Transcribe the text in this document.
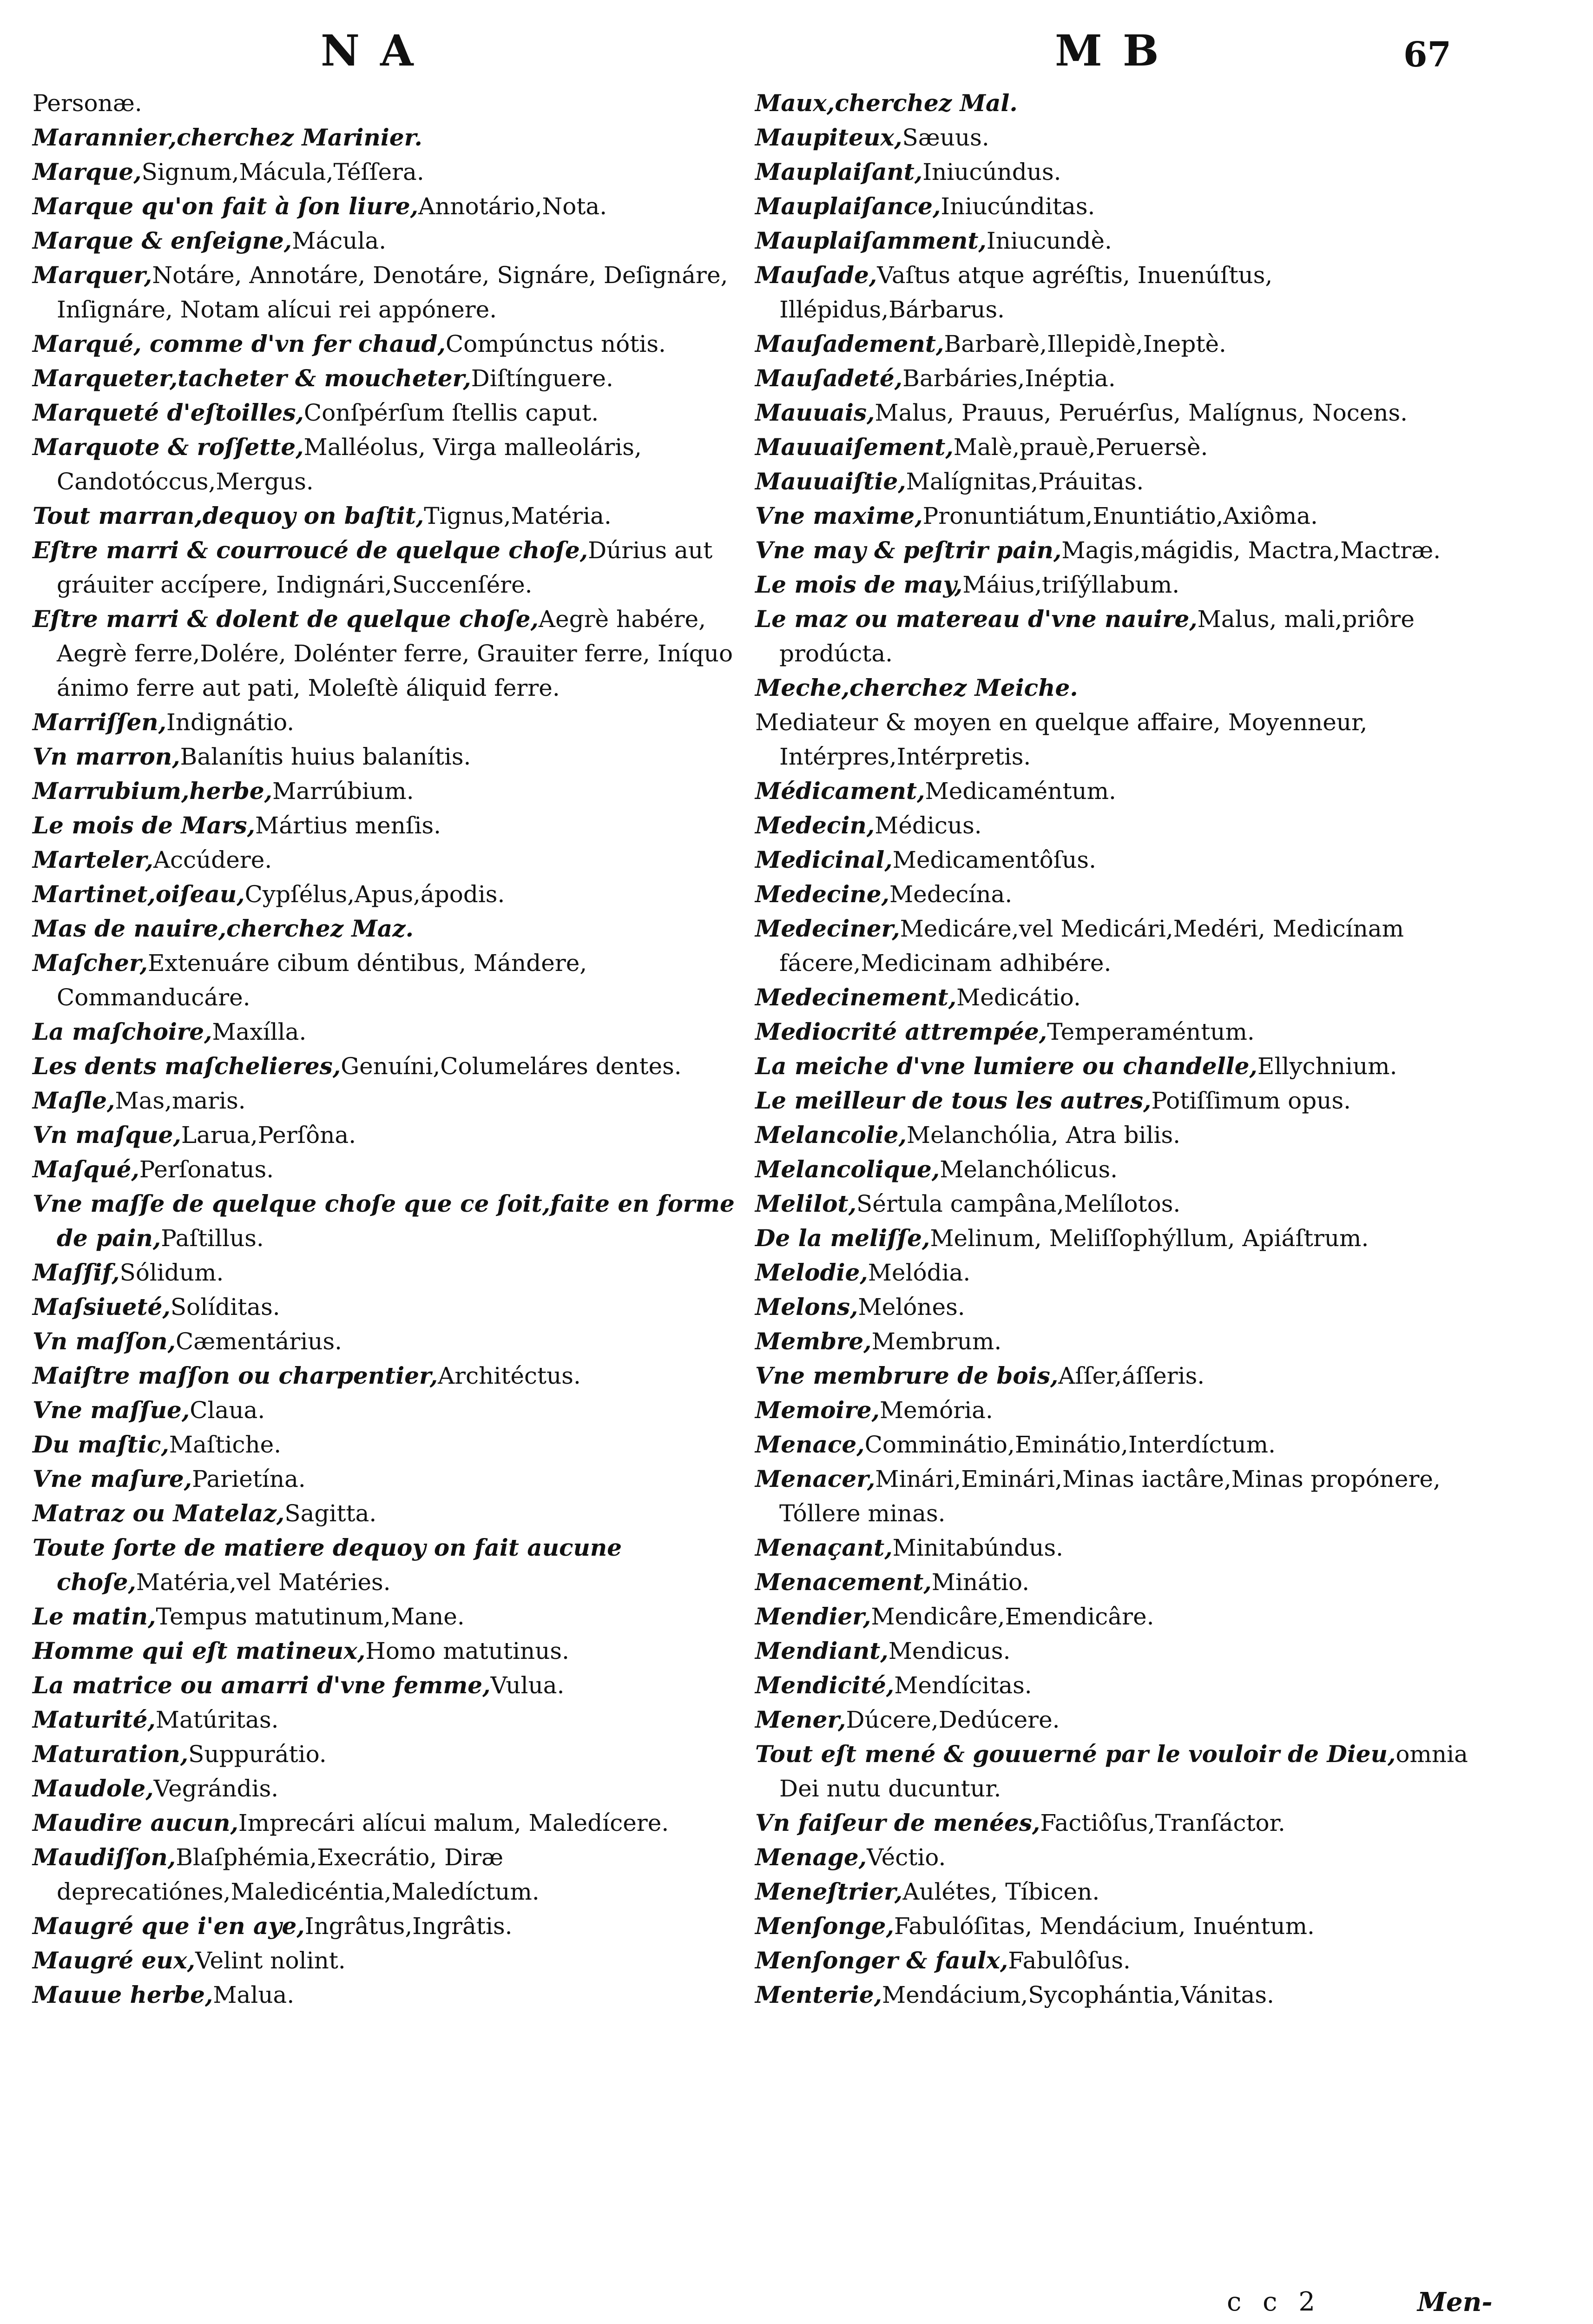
N A	M B	67

Personæ.

Marannier,cherchez Marinier.

Marque,Signum,Mácula,Téſſera.

Marque qu'on fait à ſon liure,Annotário,Nota.

Marque & enſeigne,Mácula.

Marquer,Notáre, Annotáre, Denotáre, Signáre, Deſignáre, Inſignáre, Notam alícui rei appónere.

Marqué, comme d'vn fer chaud,Compúnctus nótis.

Marqueter,tacheter & moucheter,Diſtínguere.

Marqueté d'eſtoilles,Conſpérſum ſtellis caput.

Marquote & roſſette,Malléolus, Virga malleoláris, Candotóccus,Mergus.

Tout marran,dequoy on baſtit,Tignus,Matéria.

Eſtre marri & courroucé de quelque choſe,Dúrius aut gráuiter accípere, Indignári,Succenſére.

Eſtre marri & dolent de quelque choſe,Aegrè habére, Aegrè ferre,Dolére, Dolénter ferre, Grauiter ferre, Iníquo ánimo ferre aut pati, Moleſtè áliquid ferre.

Marriſſen,Indignátio.

Vn marron,Balanítis huius balanítis.

Marrubium,herbe,Marrúbium.

Le mois de Mars,Mártius menſis.

Marteler,Accúdere.

Martinet,oiſeau,Cypſélus,Apus,ápodis.

Mas de nauire,cherchez Maz.

Maſcher,Extenuáre cibum déntibus, Mándere, Commanducáre.

La maſchoire,Maxílla.

Les dents maſchelieres,Genuíni,Columeláres dentes.

Maſle,Mas,maris.

Vn maſque,Larua,Perſôna.

Maſqué,Perſonatus.

Vne maſſe de quelque choſe que ce ſoit,faite en forme de pain,Paſtillus.

Maſſif,Sólidum.

Maſsiueté,Solíditas.

Vn maſſon,Cæmentárius.

Maiſtre maſſon ou charpentier,Architéctus.

Vne maſſue,Claua.

Du maſtic,Maſtiche.

Vne maſure,Parietína.

Matraz ou Matelaz,Sagitta.

Toute ſorte de matiere dequoy on fait aucune choſe,Matéria,vel Matéries.

Le matin,Tempus matutinum,Mane.

Homme qui eſt matineux,Homo matutinus.

La matrice ou amarri d'vne femme,Vulua.

Maturité,Matúritas.

Maturation,Suppurátio.

Maudole,Vegrándis.

Maudire aucun,Imprecári alícui malum, Maledícere.

Maudiſſon,Blaſphémia,Execrátio, Diræ deprecatiónes,Maledicéntia,Maledíctum.

Maugré que i'en aye,Ingrâtus,Ingrâtis.

Maugré eux,Velint nolint.

Mauue herbe,Malua.

Maux,cherchez Mal.

Maupiteux,Sæuus.

Mauplaiſant,Iniucúndus.

Mauplaiſance,Iniucúnditas.

Mauplaiſamment,Iniucundè.

Mauſade,Vaſtus atque agréſtis, Inuenúſtus, Illépidus,Bárbarus.

Mauſadement,Barbarè,Illepidè,Ineptè.

Mauſadeté,Barbáries,Inéptia.

Mauuais,Malus, Prauus, Peruérſus, Malígnus, Nocens.

Mauuaiſement,Malè,prauè,Peruersè.

Mauuaiſtie,Malígnitas,Práuitas.

Vne maxime,Pronuntiátum,Enuntiátio,Axiôma.

Vne may & peſtrir pain,Magis,mágidis, Mactra,Mactræ.

Le mois de may,Máius,triſýllabum.

Le maz ou matereau d'vne nauire,Malus, mali,priôre prodúcta.

Meche,cherchez Meiche.

Mediateur & moyen en quelque affaire, Moyenneur, Intérpres,Intérpretis.

Médicament,Medicaméntum.

Medecin,Médicus.

Medicinal,Medicamentôſus.

Medecine,Medecína.

Medeciner,Medicáre,vel Medicári,Medéri, Medicínam fácere,Medicinam adhibére.

Medecinement,Medicátio.

Mediocrité attrempée,Temperaméntum.

La meiche d'vne lumiere ou chandelle,Ellychnium.

Le meilleur de tous les autres,Potiſſimum opus.

Melancolie,Melanchólia, Atra bilis.

Melancolique,Melanchólicus.

Melilot,Sértula campâna,Melílotos.

De la meliſſe,Melinum, Meliſſophýllum, Apiáſtrum.

Melodie,Melódia.

Melons,Melónes.

Membre,Membrum.

Vne membrure de bois,Aſſer,áſſeris.

Memoire,Memória.

Menace,Comminátio,Eminátio,Interdíctum.

Menacer,Minári,Eminári,Minas iactâre,Minas propónere, Tóllere minas.

Menaçant,Minitabúndus.

Menacement,Minátio.

Mendier,Mendicâre,Emendicâre.

Mendiant,Mendicus.

Mendicité,Mendícitas.

Mener,Dúcere,Dedúcere.

Tout eſt mené & gouuerné par le vouloir de Dieu,omnia Dei nutu ducuntur.

Vn faiſeur de menées,Factiôſus,Tranſáctor.

Menage,Véctio.

Meneſtrier,Aulétes, Tíbicen.

Menſonge,Fabulóſitas, Mendácium, Inuéntum.

Menſonger & faulx,Fabulôſus.

Menterie,Mendácium,Sycophántia,Vánitas.

c c 2	Men-
